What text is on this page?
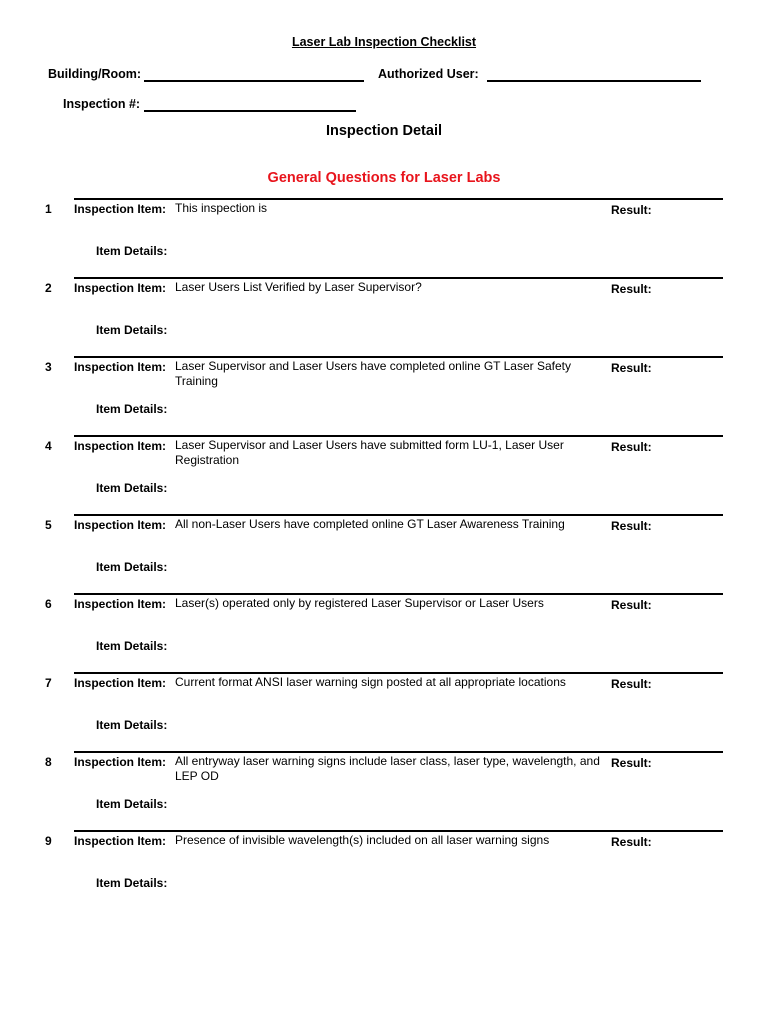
Laser Lab Inspection Checklist
Building/Room:	Authorized User:
Inspection #:
Inspection Detail
General Questions for Laser Labs
1 Inspection Item: This inspection is	Result:
Item Details:
2 Inspection Item: Laser Users List Verified by Laser Supervisor?	Result:
Item Details:
3 Inspection Item: Laser Supervisor and Laser Users have completed online GT Laser Safety Training
Result:
Item Details:
4 Inspection Item: Laser Supervisor and Laser Users have submitted form LU-1, Laser User Registration
Result:
Item Details:
5 Inspection Item: All non-Laser Users have completed online GT Laser Awareness Training	Result:
Item Details:
6 Inspection Item: Laser(s) operated only by registered Laser Supervisor or Laser Users	Result:
Item Details:
7 Inspection Item: Current format ANSI laser warning sign posted at all appropriate locations	Result:
Item Details:
8 Inspection Item: All entryway laser warning signs include laser class, laser type, wavelength, and LEP OD
Result:
Item Details:
9 Inspection Item: Presence of invisible wavelength(s) included on all laser warning signs	Result:
Item Details:
